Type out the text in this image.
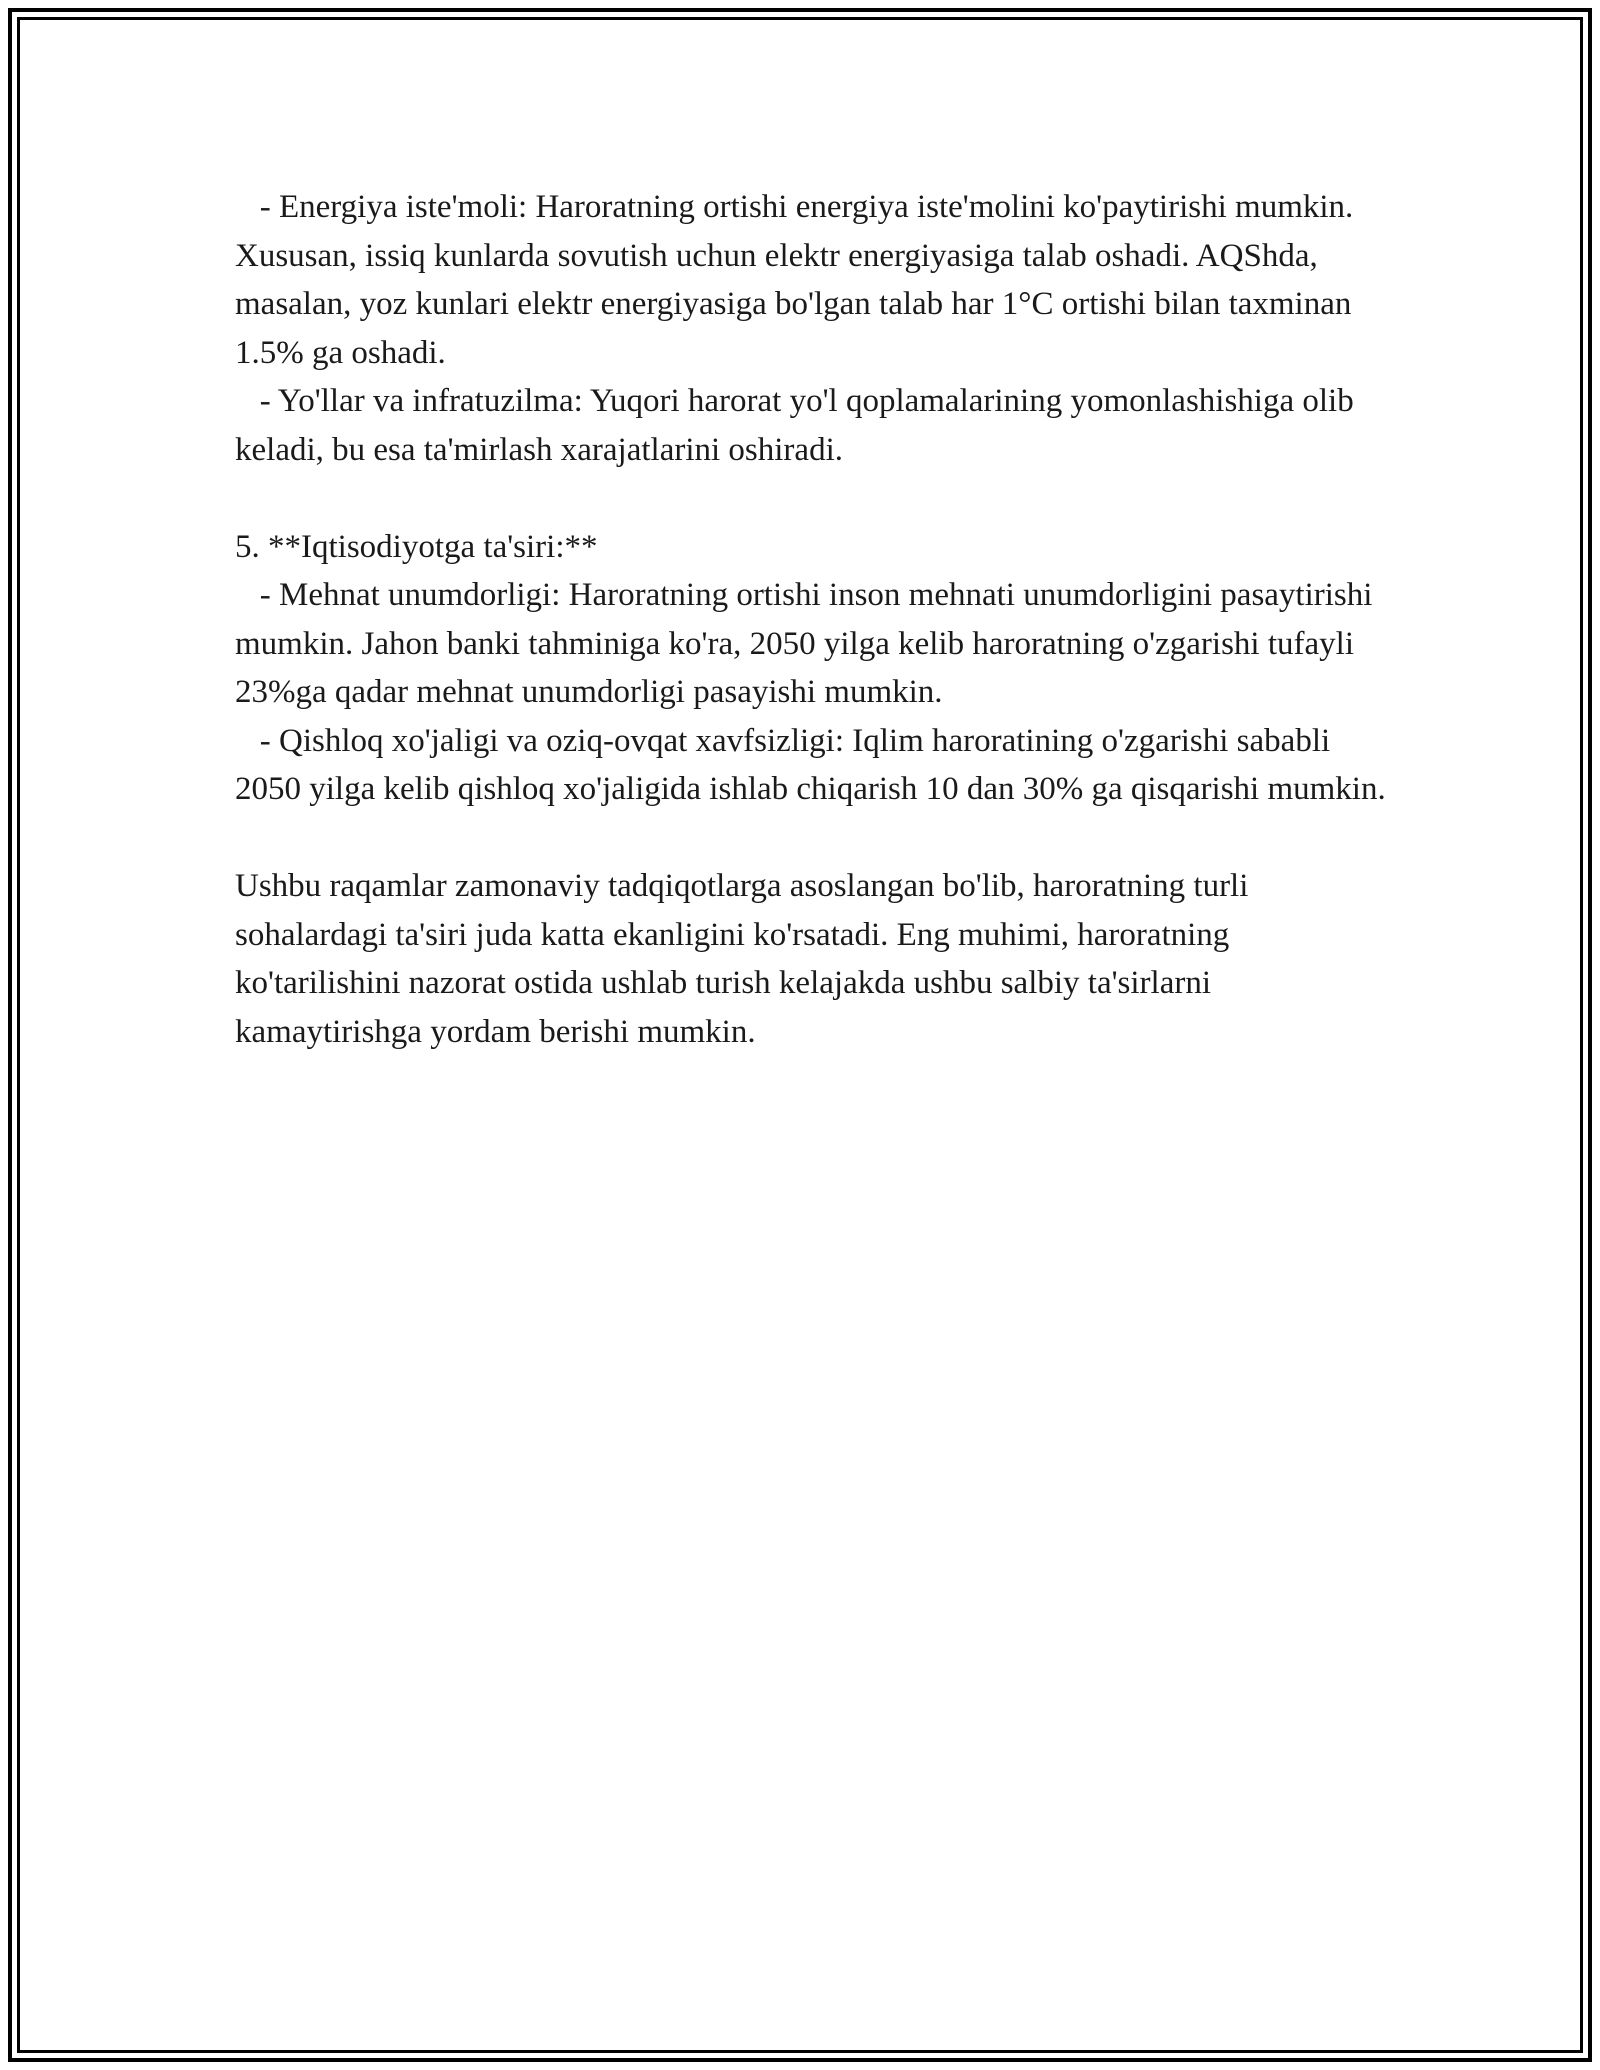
- Energiya iste'moli: Haroratning ortishi energiya iste'molini ko'paytirishi mumkin. Xususan, issiq kunlarda sovutish uchun elektr energiyasiga talab oshadi. AQShda, masalan, yoz kunlari elektr energiyasiga bo'lgan talab har 1°C ortishi bilan taxminan 1.5% ga oshadi.

- Yo'llar va infratuzilma: Yuqori harorat yo'l qoplamalarining yomonlashishiga olib keladi, bu esa ta'mirlash xarajatlarini oshiradi.

5. **Iqtisodiyotga ta'siri:**

- Mehnat unumdorligi: Haroratning ortishi inson mehnati unumdorligini pasaytirishi mumkin. Jahon banki tahminiga ko'ra, 2050 yilga kelib haroratning o'zgarishi tufayli 23%ga qadar mehnat unumdorligi pasayishi mumkin.

- Qishloq xo'jaligi va oziq-ovqat xavfsizligi: Iqlim haroratining o'zgarishi sababli 2050 yilga kelib qishloq xo'jaligida ishlab chiqarish 10 dan 30% ga qisqarishi mumkin.

Ushbu raqamlar zamonaviy tadqiqotlarga asoslangan bo'lib, haroratning turli sohalardagi ta'siri juda katta ekanligini ko'rsatadi. Eng muhimi, haroratning ko'tarilishini nazorat ostida ushlab turish kelajakda ushbu salbiy ta'sirlarni kamaytirishga yordam berishi mumkin.
